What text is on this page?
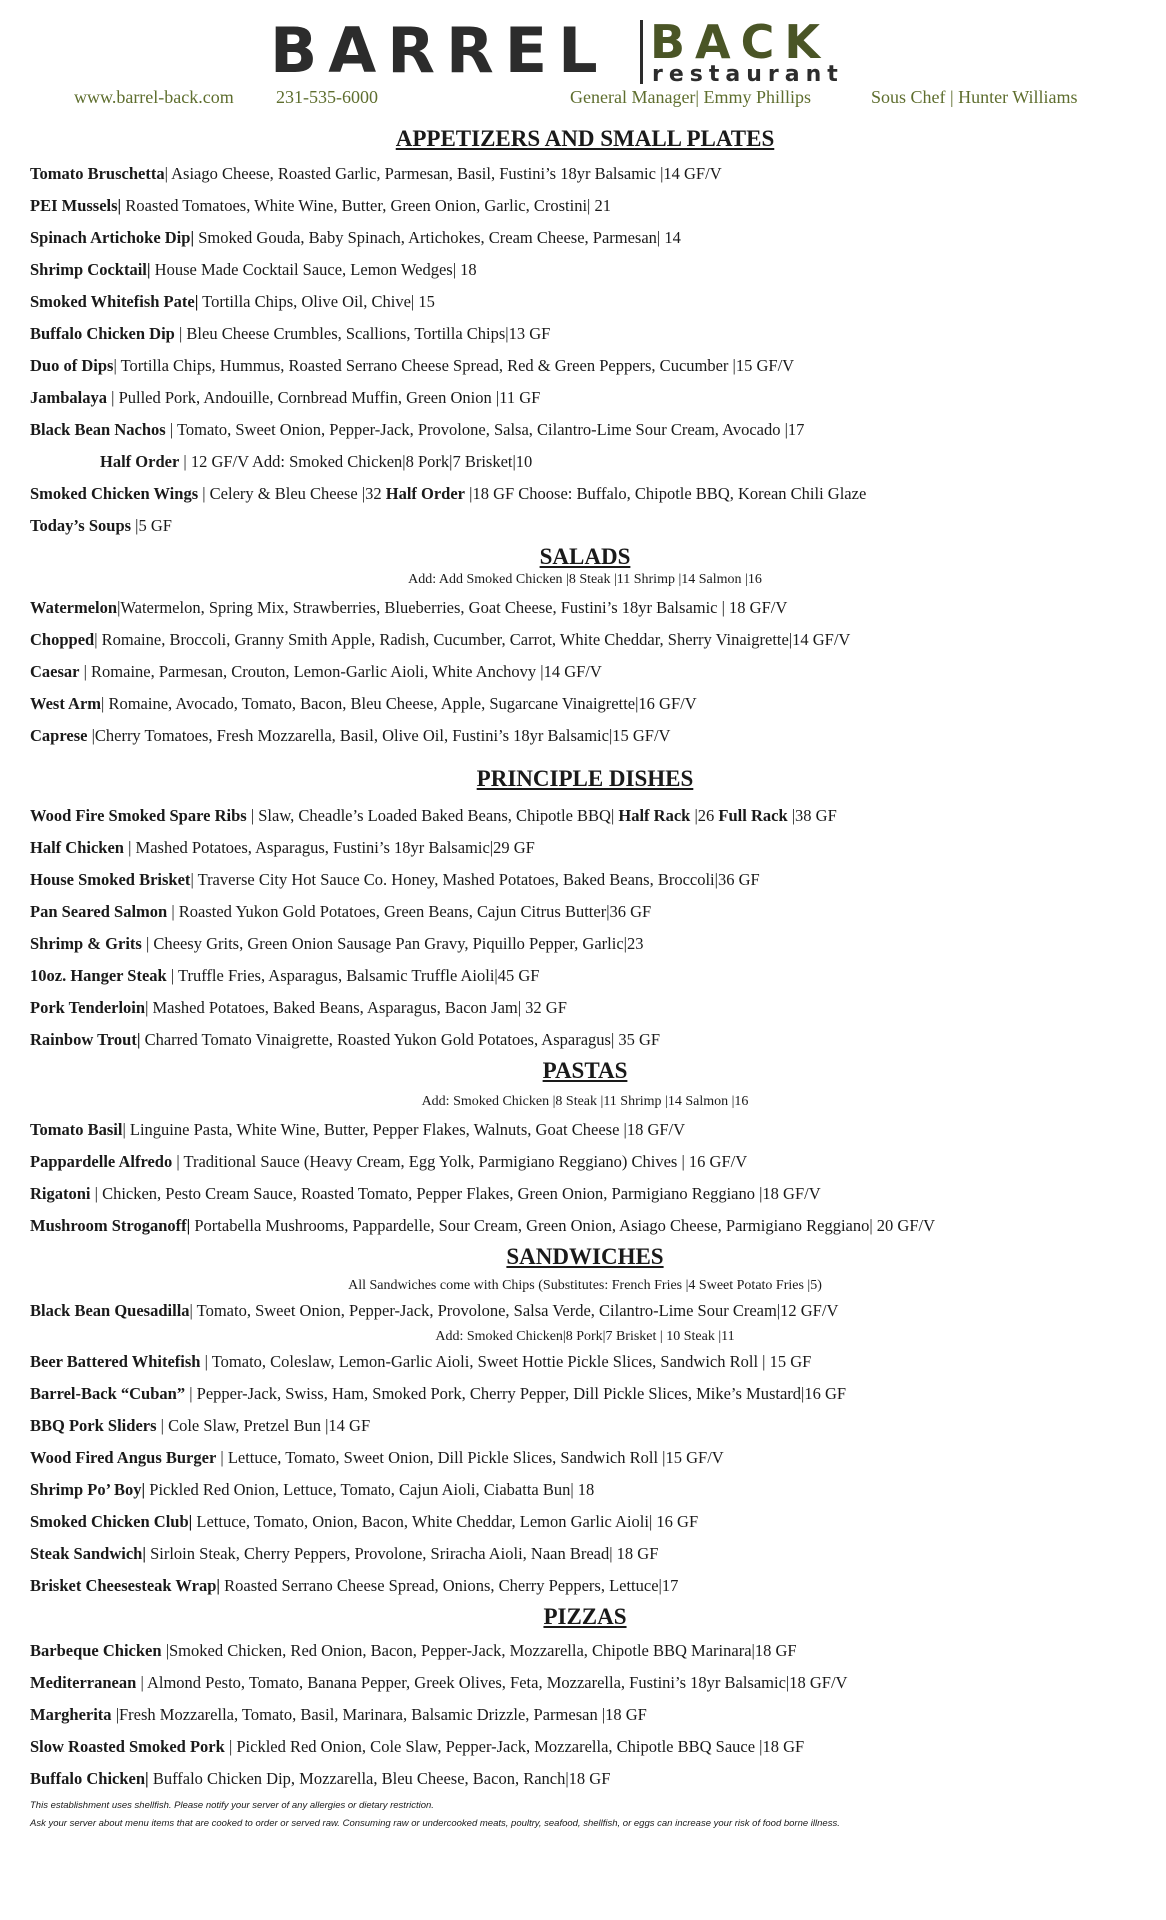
BARREL BACK
restaurant
www.barrel-back.com 231-535-6000	General Manager| Emmy Phillips	Sous Chef | Hunter Williams
APPETIZERS AND SMALL PLATES
Tomato Bruschetta| Asiago Cheese, Roasted Garlic, Parmesan, Basil, Fustini’s 18yr Balsamic |14 GF/V
PEI Mussels| Roasted Tomatoes, White Wine, Butter, Green Onion, Garlic, Crostini| 21
Spinach Artichoke Dip| Smoked Gouda, Baby Spinach, Artichokes, Cream Cheese, Parmesan| 14
Shrimp Cocktail| House Made Cocktail Sauce, Lemon Wedges| 18
Smoked Whitefish Pate| Tortilla Chips, Olive Oil, Chive| 15
Buffalo Chicken Dip | Bleu Cheese Crumbles, Scallions, Tortilla Chips|13 GF
Duo of Dips| Tortilla Chips, Hummus, Roasted Serrano Cheese Spread, Red & Green Peppers, Cucumber |15 GF/V
Jambalaya | Pulled Pork, Andouille, Cornbread Muffin, Green Onion |11 GF
Black Bean Nachos | Tomato, Sweet Onion, Pepper-Jack, Provolone, Salsa, Cilantro-Lime Sour Cream, Avocado |17
Half Order | 12 GF/V Add: Smoked Chicken|8 Pork|7 Brisket|10
Smoked Chicken Wings | Celery & Bleu Cheese |32 Half Order |18 GF Choose: Buffalo, Chipotle BBQ, Korean Chili Glaze
Today’s Soups |5 GF
SALADS
Add: Add Smoked Chicken |8 Steak |11 Shrimp |14 Salmon |16
Watermelon|Watermelon, Spring Mix, Strawberries, Blueberries, Goat Cheese, Fustini’s 18yr Balsamic | 18 GF/V
Chopped| Romaine, Broccoli, Granny Smith Apple, Radish, Cucumber, Carrot, White Cheddar, Sherry Vinaigrette|14 GF/V
Caesar | Romaine, Parmesan, Crouton, Lemon-Garlic Aioli, White Anchovy |14 GF/V
West Arm| Romaine, Avocado, Tomato, Bacon, Bleu Cheese, Apple, Sugarcane Vinaigrette|16 GF/V
Caprese |Cherry Tomatoes, Fresh Mozzarella, Basil, Olive Oil, Fustini’s 18yr Balsamic|15 GF/V
PRINCIPLE DISHES
Wood Fire Smoked Spare Ribs | Slaw, Cheadle’s Loaded Baked Beans, Chipotle BBQ| Half Rack |26 Full Rack |38 GF
Half Chicken | Mashed Potatoes, Asparagus, Fustini’s 18yr Balsamic|29 GF
House Smoked Brisket| Traverse City Hot Sauce Co. Honey, Mashed Potatoes, Baked Beans, Broccoli|36 GF
Pan Seared Salmon | Roasted Yukon Gold Potatoes, Green Beans, Cajun Citrus Butter|36 GF
Shrimp & Grits | Cheesy Grits, Green Onion Sausage Pan Gravy, Piquillo Pepper, Garlic|23
10oz. Hanger Steak | Truffle Fries, Asparagus, Balsamic Truffle Aioli|45 GF
Pork Tenderloin| Mashed Potatoes, Baked Beans, Asparagus, Bacon Jam| 32 GF
Rainbow Trout| Charred Tomato Vinaigrette, Roasted Yukon Gold Potatoes, Asparagus| 35 GF
PASTAS
Add: Smoked Chicken |8 Steak |11 Shrimp |14 Salmon |16
Tomato Basil| Linguine Pasta, White Wine, Butter, Pepper Flakes, Walnuts, Goat Cheese |18 GF/V
Pappardelle Alfredo | Traditional Sauce (Heavy Cream, Egg Yolk, Parmigiano Reggiano) Chives | 16 GF/V
Rigatoni | Chicken, Pesto Cream Sauce, Roasted Tomato, Pepper Flakes, Green Onion, Parmigiano Reggiano |18 GF/V
Mushroom Stroganoff| Portabella Mushrooms, Pappardelle, Sour Cream, Green Onion, Asiago Cheese, Parmigiano Reggiano| 20 GF/V
SANDWICHES
All Sandwiches come with Chips (Substitutes: French Fries |4 Sweet Potato Fries |5)
Black Bean Quesadilla| Tomato, Sweet Onion, Pepper-Jack, Provolone, Salsa Verde, Cilantro-Lime Sour Cream|12 GF/V
Add: Smoked Chicken|8 Pork|7 Brisket | 10 Steak |11
Beer Battered Whitefish | Tomato, Coleslaw, Lemon-Garlic Aioli, Sweet Hottie Pickle Slices, Sandwich Roll | 15 GF
Barrel-Back “Cuban” | Pepper-Jack, Swiss, Ham, Smoked Pork, Cherry Pepper, Dill Pickle Slices, Mike’s Mustard|16 GF
BBQ Pork Sliders | Cole Slaw, Pretzel Bun |14 GF
Wood Fired Angus Burger | Lettuce, Tomato, Sweet Onion, Dill Pickle Slices, Sandwich Roll |15 GF/V
Shrimp Po’ Boy| Pickled Red Onion, Lettuce, Tomato, Cajun Aioli, Ciabatta Bun| 18
Smoked Chicken Club| Lettuce, Tomato, Onion, Bacon, White Cheddar, Lemon Garlic Aioli| 16 GF
Steak Sandwich| Sirloin Steak, Cherry Peppers, Provolone, Sriracha Aioli, Naan Bread| 18 GF
Brisket Cheesesteak Wrap| Roasted Serrano Cheese Spread, Onions, Cherry Peppers, Lettuce|17
PIZZAS
Barbeque Chicken |Smoked Chicken, Red Onion, Bacon, Pepper-Jack, Mozzarella, Chipotle BBQ Marinara|18 GF
Mediterranean | Almond Pesto, Tomato, Banana Pepper, Greek Olives, Feta, Mozzarella, Fustini’s 18yr Balsamic|18 GF/V
Margherita |Fresh Mozzarella, Tomato, Basil, Marinara, Balsamic Drizzle, Parmesan |18 GF
Slow Roasted Smoked Pork | Pickled Red Onion, Cole Slaw, Pepper-Jack, Mozzarella, Chipotle BBQ Sauce |18 GF
Buffalo Chicken| Buffalo Chicken Dip, Mozzarella, Bleu Cheese, Bacon, Ranch|18 GF
This establishment uses shellfish. Please notify your server of any allergies or dietary restriction.
Ask your server about menu items that are cooked to order or served raw. Consuming raw or undercooked meats, poultry, seafood, shellfish, or eggs can increase your risk of food borne illness.
